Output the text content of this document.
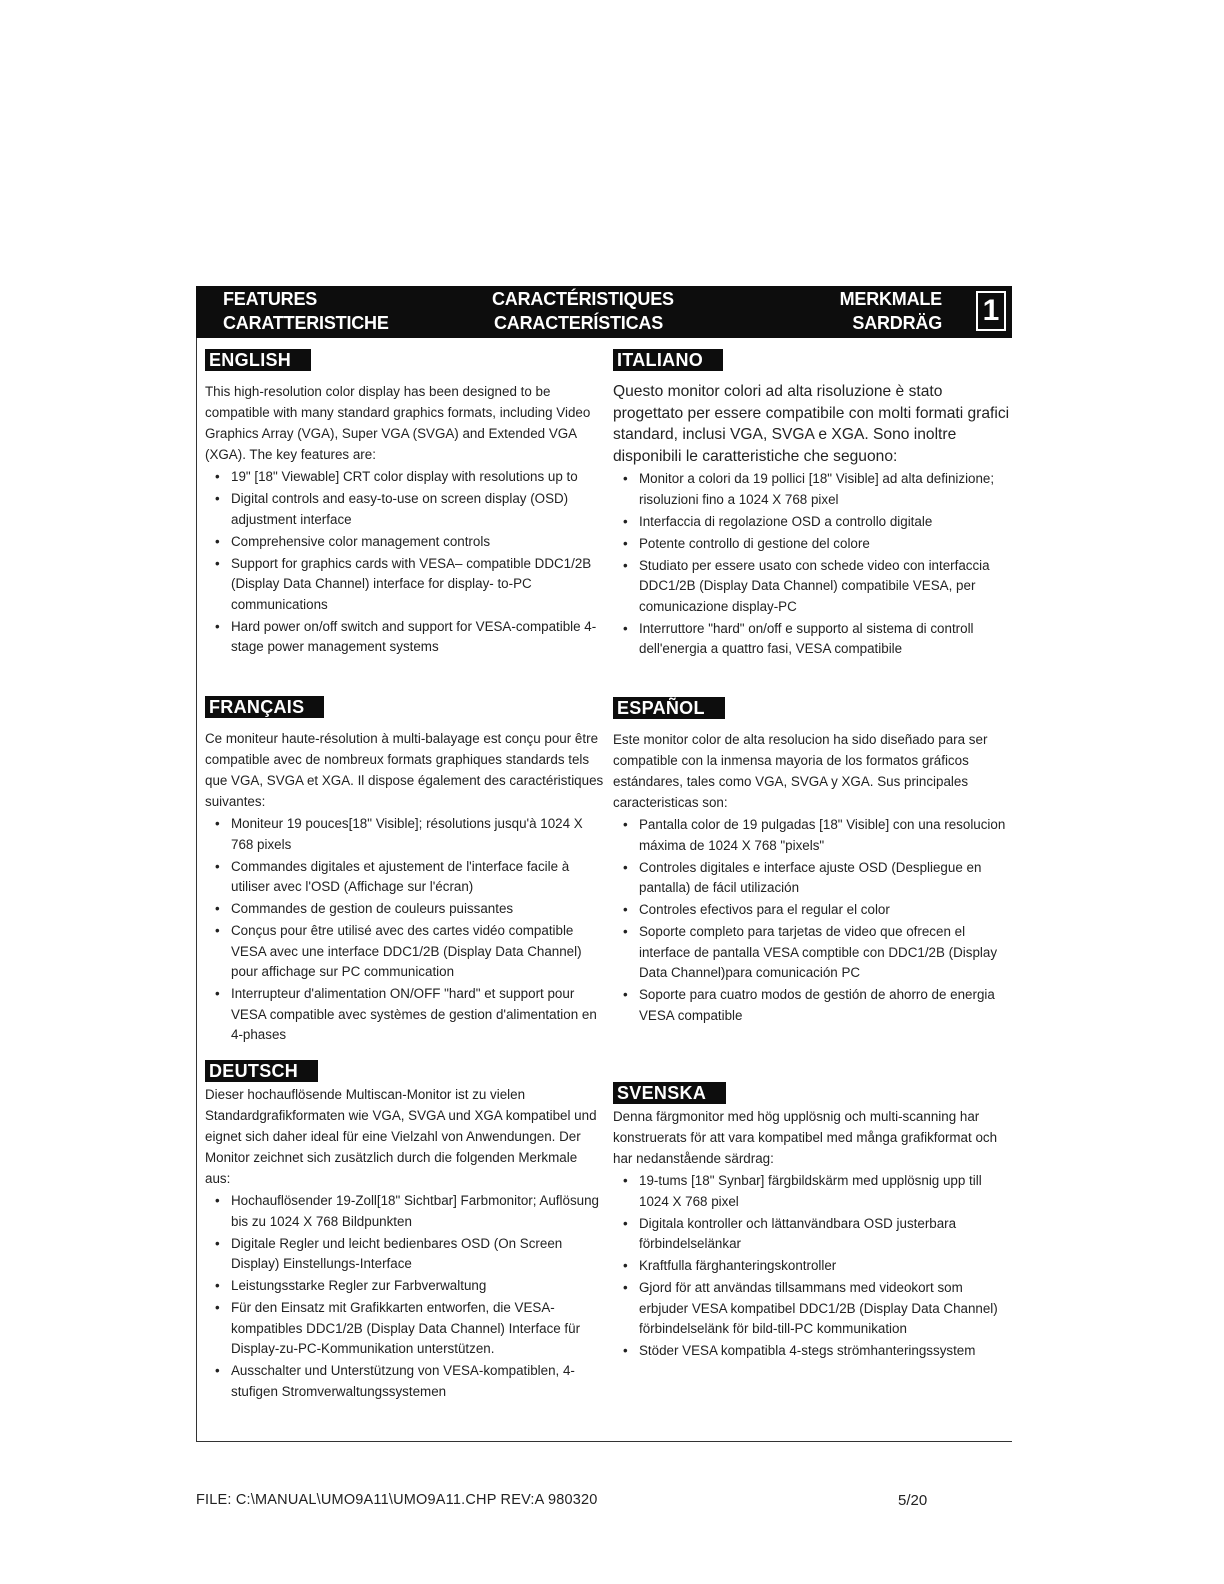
FEATURES
CARATTERISTICHE
CARACTÉRISTIQUES
CARACTERÍSTICAS
MERKMALE
SARDRÄG 1
ENGLISH

This high-resolution color display has been designed to be compatible with many standard graphics formats, including Video Graphics Array (VGA), Super VGA (SVGA) and Extended VGA (XGA). The key features are:

• 19" [18" Viewable] CRT color display with resolutions up to
• Digital controls and easy-to-use on screen display (OSD) adjustment interface
• Comprehensive color management controls
• Support for graphics cards with VESA– compatible DDC1/2B (Display Data Channel) interface for display- to-PC communications
• Hard power on/off switch and support for VESA-compatible 4-stage power management systems
FRANÇAIS

Ce moniteur haute-résolution à multi-balayage est conçu pour être compatible avec de nombreux formats graphiques standards tels que VGA, SVGA et XGA. Il dispose également des caractéristiques suivantes:

• Moniteur 19 pouces[18" Visible]; résolutions jusqu'à 1024 X 768 pixels
• Commandes digitales et ajustement de l'interface facile à utiliser avec l'OSD (Affichage sur l'écran)
• Commandes de gestion de couleurs puissantes
• Conçus pour être utilisé avec des cartes vidéo compatible VESA avec une interface DDC1/2B (Display Data Channel) pour affichage sur PC communication
• Interrupteur d'alimentation ON/OFF "hard" et support pour VESA compatible avec systèmes de gestion d'alimentation en 4-phases
DEUTSCH

Dieser hochauflösende Multiscan-Monitor ist zu vielen Standardgrafikformaten wie VGA, SVGA und XGA kompatibel und eignet sich daher ideal für eine Vielzahl von Anwendungen. Der Monitor zeichnet sich zusätzlich durch die folgenden Merkmale aus:

• Hochauflösender 19-Zoll[18" Sichtbar] Farbmonitor; Auflösung bis zu 1024 X 768 Bildpunkten
• Digitale Regler und leicht bedienbares OSD (On Screen Display) Einstellungs-Interface
• Leistungsstarke Regler zur Farbverwaltung
• Für den Einsatz mit Grafikkarten entworfen, die VESA-kompatibles DDC1/2B (Display Data Channel) Interface für Display-zu-PC-Kommunikation unterstützen.
• Ausschalter und Unterstützung von VESA-kompatiblen, 4-stufigen Stromverwaltungssystemen
ITALIANO

Questo monitor colori ad alta risoluzione è stato progettato per essere compatibile con molti formati grafici standard, inclusi VGA, SVGA e XGA. Sono inoltre disponibili le caratteristiche che seguono:

• Monitor a colori da 19 pollici [18" Visible] ad alta definizione; risoluzioni fino a 1024 X 768 pixel
• Interfaccia di regolazione OSD a controllo digitale
• Potente controllo di gestione del colore
• Studiato per essere usato con schede video con interfaccia DDC1/2B (Display Data Channel) compatibile VESA, per comunicazione display-PC
• Interruttore "hard" on/off e supporto al sistema di controll dell'energia a quattro fasi, VESA compatibile
ESPAÑOL

Este monitor color de alta resolucion ha sido diseñado para ser compatible con la inmensa mayoria de los formatos gráficos estándares, tales como VGA, SVGA y XGA. Sus principales caracteristicas son:

• Pantalla color de 19 pulgadas [18" Visible] con una resolucion máxima de 1024 X 768 "pixels"
• Controles digitales e interface ajuste OSD (Despliegue en pantalla) de fácil utilización
• Controles efectivos para el regular el color
• Soporte completo para tarjetas de video que ofrecen el interface de pantalla VESA comptible con DDC1/2B (Display Data Channel)para comunicación PC
• Soporte para cuatro modos de gestión de ahorro de energia VESA compatible
SVENSKA

Denna färgmonitor med hög upplösnig och multi-scanning har konstruerats för att vara kompatibel med många grafikformat och har nedanstående särdrag:

• 19-tums [18" Synbar] färgbildskärm med upplösnig upp till 1024 X 768 pixel
• Digitala kontroller och lättanvändbara OSD justerbara förbindelselänkar
• Kraftfulla färghanteringskontroller
• Gjord för att användas tillsammans med videokort som erbjuder VESA kompatibel DDC1/2B (Display Data Channel) förbindelselänk för bild-till-PC kommunikation
• Stöder VESA kompatibla 4-stegs strömhanteringssystem
FILE: C:\MANUAL\UMO9A11\UMO9A11.CHP REV:A 980320	5/20
